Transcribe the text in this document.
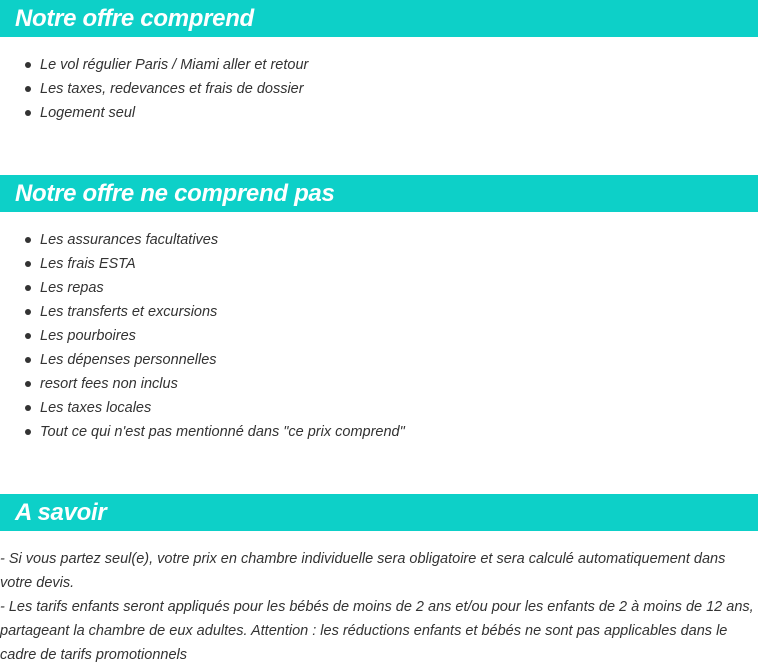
Notre offre comprend
Le vol régulier Paris / Miami aller et retour
Les taxes, redevances et frais de dossier
Logement seul
Notre offre ne comprend pas
Les assurances facultatives
Les frais ESTA
Les repas
Les transferts et excursions
Les pourboires
Les dépenses personnelles
resort fees non inclus
Les taxes locales
Tout ce qui n'est pas mentionné dans "ce prix comprend"
A savoir

- Si vous partez seul(e), votre prix en chambre individuelle sera obligatoire et sera calculé automatiquement dans votre devis.

- Les tarifs enfants seront appliqués pour les bébés de moins de 2 ans et/ou pour les enfants de 2 à moins de 12 ans, partageant la chambre de eux adultes. Attention : les réductions enfants et bébés ne sont pas applicables dans le cadre de tarifs promotionnels
